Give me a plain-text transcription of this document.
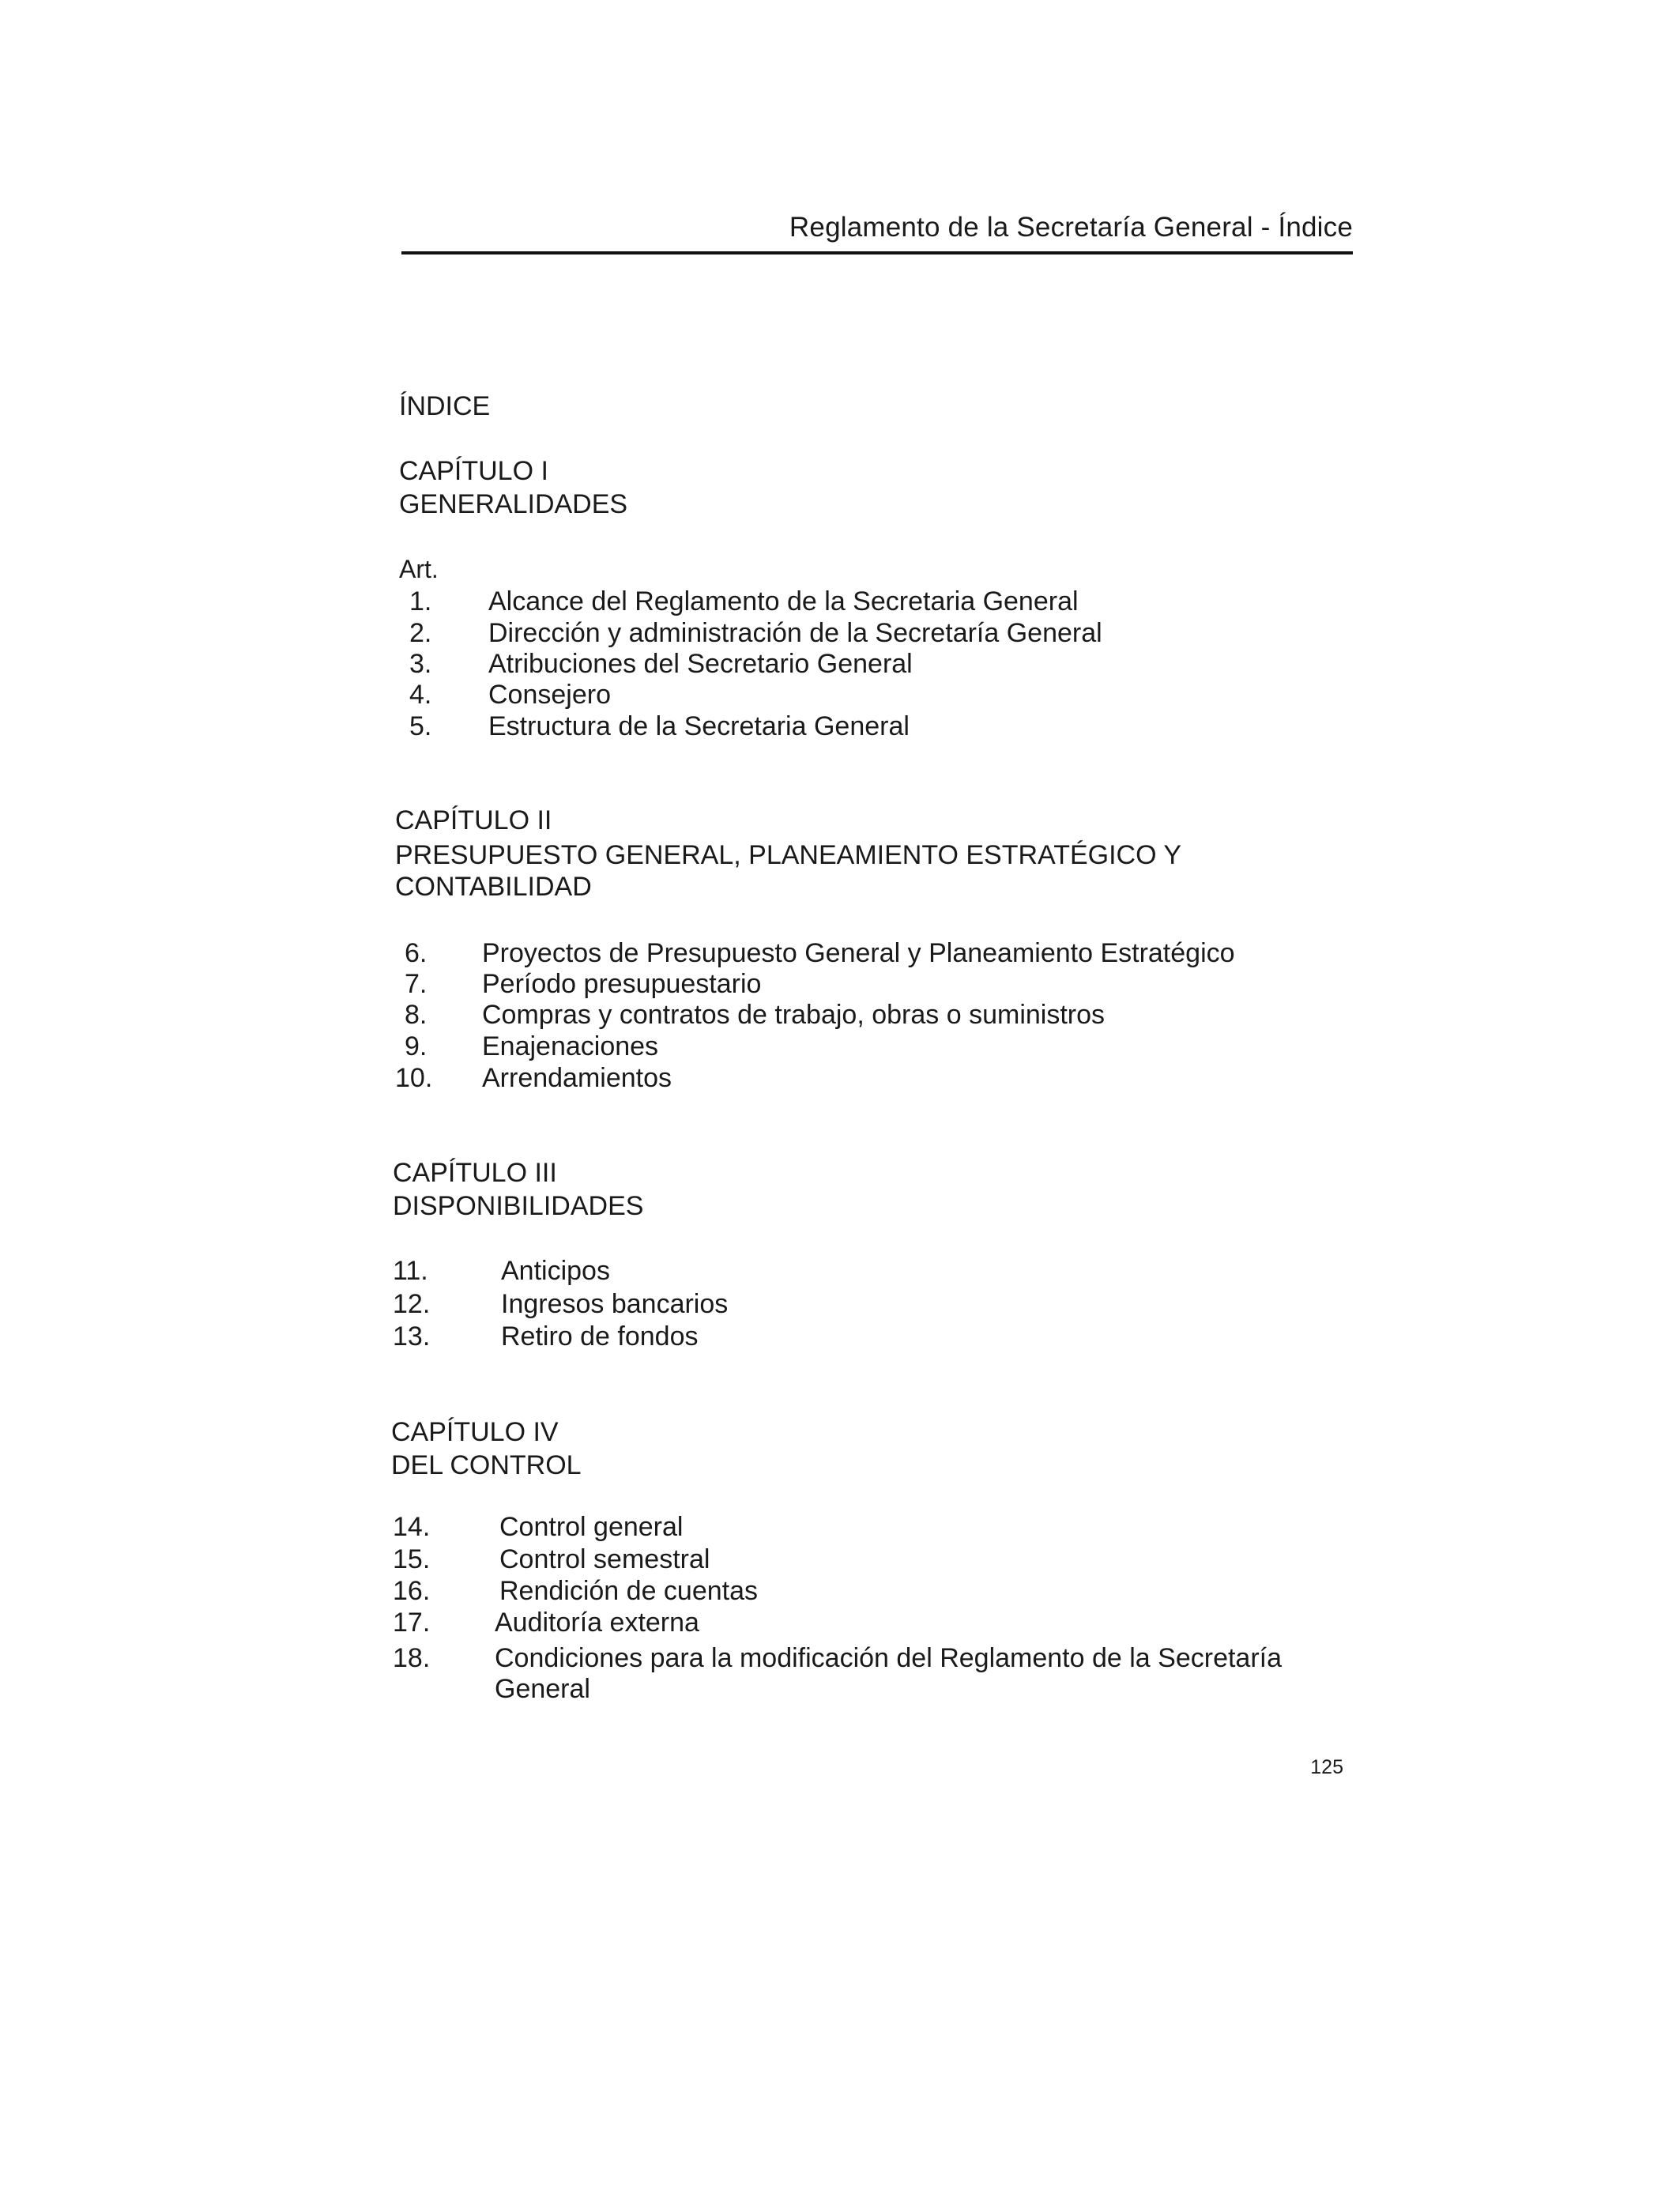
Reglamento de la Secretaría General - Índice
ÍNDICE
CAPÍTULO I
GENERALIDADES
Art.
1. Alcance del Reglamento de la Secretaria General
2. Dirección y administración de la Secretaría General
3. Atribuciones del Secretario General
4. Consejero
5. Estructura de la Secretaria General
CAPÍTULO II
PRESUPUESTO GENERAL, PLANEAMIENTO ESTRATÉGICO Y
CONTABILIDAD
6. Proyectos de Presupuesto General y Planeamiento Estratégico
7. Período presupuestario
8. Compras y contratos de trabajo, obras o suministros
9. Enajenaciones
10. Arrendamientos
CAPÍTULO III
DISPONIBILIDADES
11.	Anticipos
12.	Ingresos bancarios
13.	Retiro de fondos
CAPÍTULO IV
DEL CONTROL
14.	Control general
15.	Control semestral
16.	Rendición de cuentas
17. Auditoría externa
18. Condiciones para la modificación del Reglamento de la Secretaría
General
125
